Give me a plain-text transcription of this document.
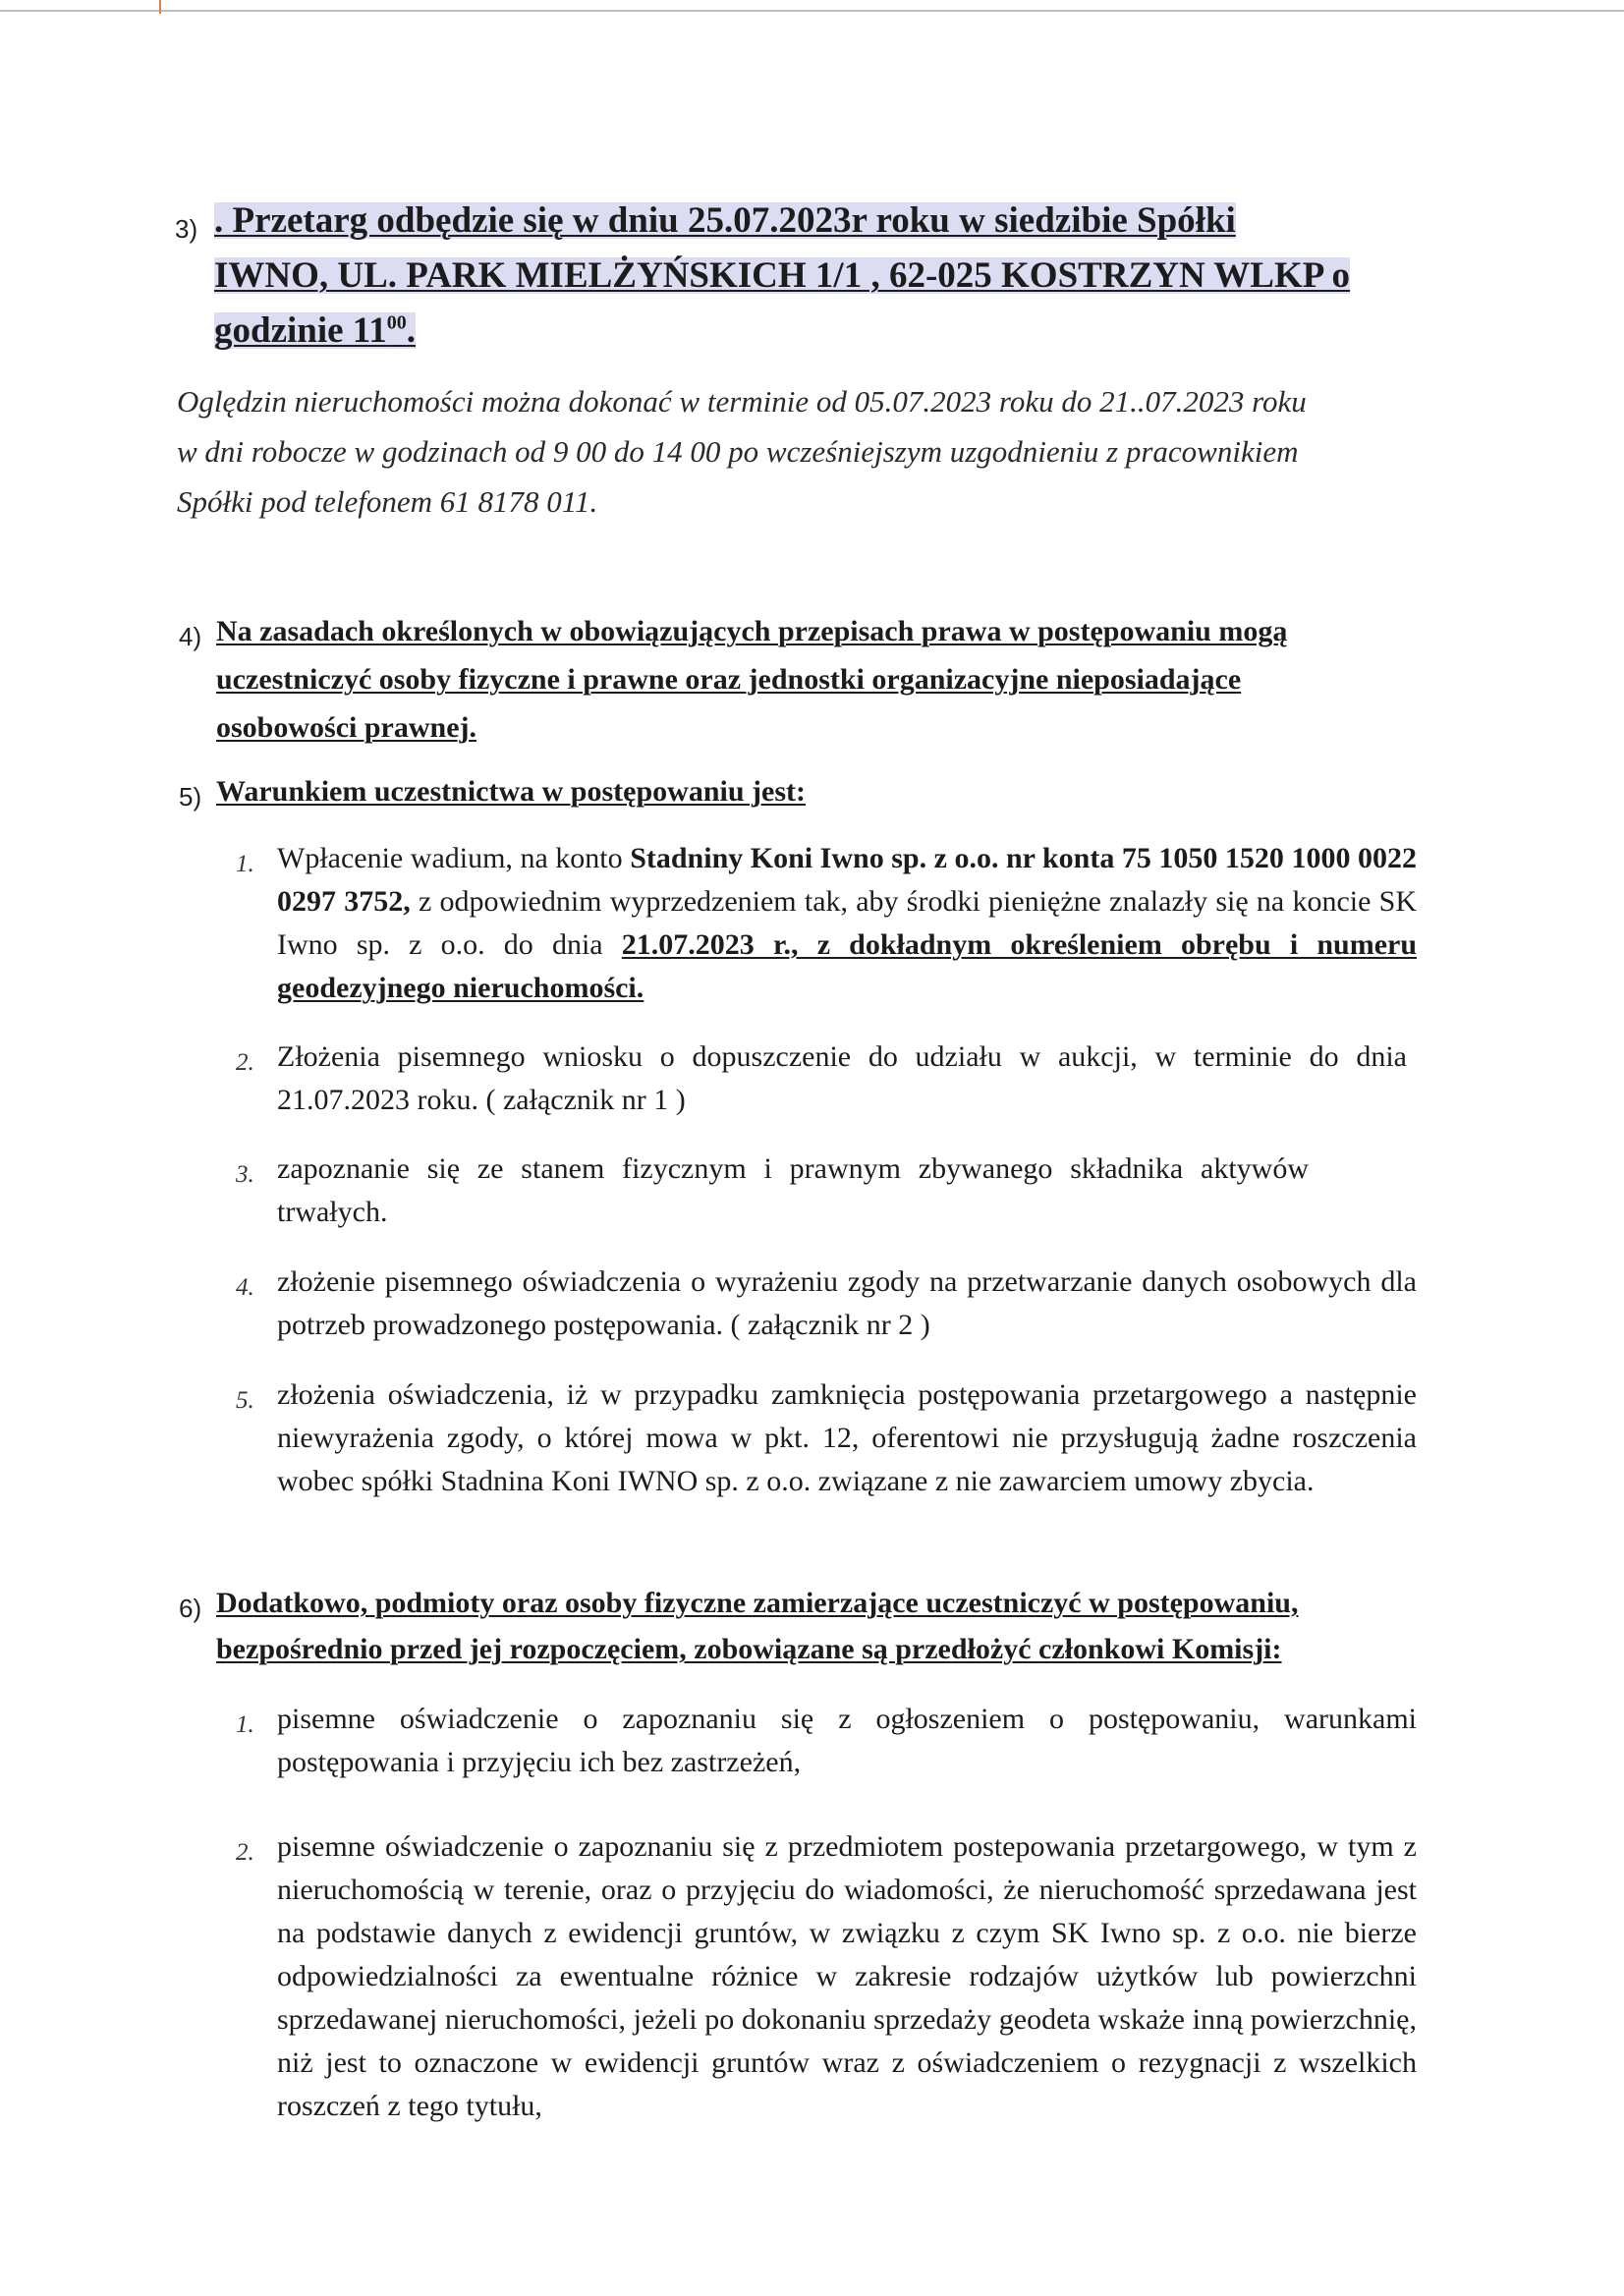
3) . Przetarg odbędzie się w dniu 25.07.2023r roku w siedzibie Spółki
IWNO, UL. PARK MIELŻYŃSKICH 1/1 , 62-025 KOSTRZYN WLKP o
godzinie $11^{00}$.
Oględzin nieruchomości można dokonać w terminie od 05.07.2023 roku do 21..07.2023 roku
w dni robocze w godzinach od 9 00 do 14 00 po wcześniejszym uzgodnieniu z pracownikiem
Spółki pod telefonem 61 8178 011.
4) Na zasadach określonych w obowiązujących przepisach prawa w postępowaniu mogą
uczestniczyć osoby fizyczne i prawne oraz jednostki organizacyjne nieposiadające
osobowości prawnej.
5) Warunkiem uczestnictwa w postępowaniu jest:
1. Wpłacenie wadium, na konto Stadniny Koni Iwno sp. z o.o. nr konta 75 1050 1520 1000 0022 0297 3752, z odpowiednim wyprzedzeniem tak, aby środki pieniężne znalazły się na koncie SK Iwno sp. z o.o. do dnia 21.07.2023 r., z dokładnym określeniem obrębu i numeru geodezyjnego nieruchomości.
2. Złożenia pisemnego wniosku o dopuszczenie do udziału w aukcji, w terminie do dnia 21.07.2023 roku. ( załącznik nr 1 )
3. zapoznanie się ze stanem fizycznym i prawnym zbywanego składnika aktywów trwałych.
4. złożenie pisemnego oświadczenia o wyrażeniu zgody na przetwarzanie danych osobowych dla potrzeb prowadzonego postępowania. ( załącznik nr 2 )
5. złożenia oświadczenia, iż w przypadku zamknięcia postępowania przetargowego a następnie niewyrażenia zgody, o której mowa w pkt. 12, oferentowi nie przysługują żadne roszczenia wobec spółki Stadnina Koni IWNO sp. z o.o. związane z nie zawarciem umowy zbycia.
6) Dodatkowo, podmioty oraz osoby fizyczne zamierzające uczestniczyć w postępowaniu,
bezpośrednio przed jej rozpoczęciem, zobowiązane są przedłożyć członkowi Komisji:
1. pisemne oświadczenie o zapoznaniu się z ogłoszeniem o postępowaniu, warunkami postępowania i przyjęciu ich bez zastrzeżeń,
2. pisemne oświadczenie o zapoznaniu się z przedmiotem postepowania przetargowego, w tym z nieruchomością w terenie, oraz o przyjęciu do wiadomości, że nieruchomość sprzedawana jest na podstawie danych z ewidencji gruntów, w związku z czym SK Iwno sp. z o.o. nie bierze odpowiedzialności za ewentualne różnice w zakresie rodzajów użytków lub powierzchni sprzedawanej nieruchomości, jeżeli po dokonaniu sprzedaży geodeta wskaże inną powierzchnię, niż jest to oznaczone w ewidencji gruntów wraz z oświadczeniem o rezygnacji z wszelkich roszczeń z tego tytułu,
